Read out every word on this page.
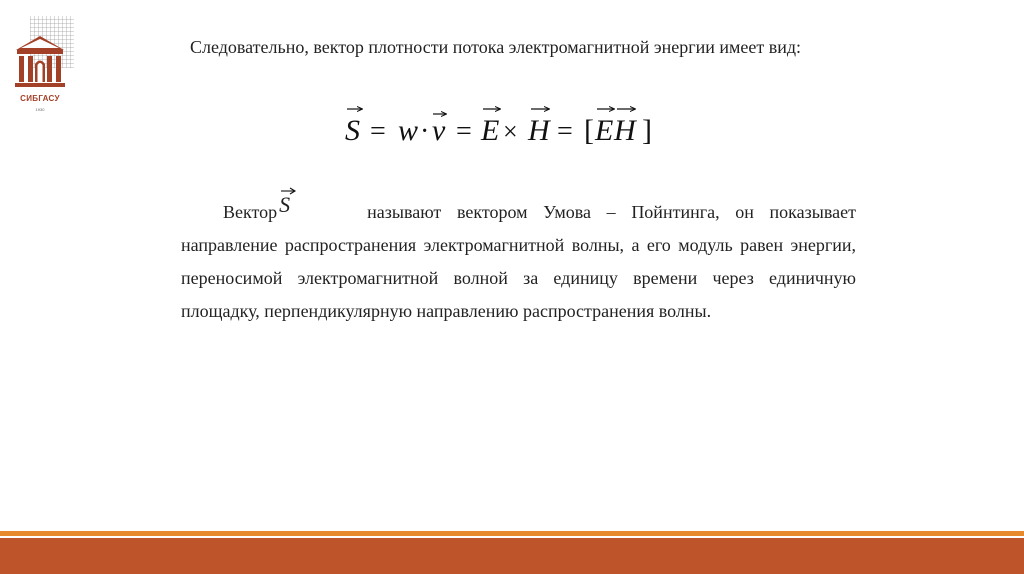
СИБГАСУ
1930

Следовательно, вектор плотности потока электромагнитной энергии имеет вид:

S = w · v = E × H = [ E H ]
Вектор S	называют вектором Умова – Пойнтинга, он показывает
направление распространения электромагнитной волны, а его модуль равен энергии, переносимой электромагнитной волной за единицу времени через единичную площадку, перпендикулярную направлению распространения волны.
